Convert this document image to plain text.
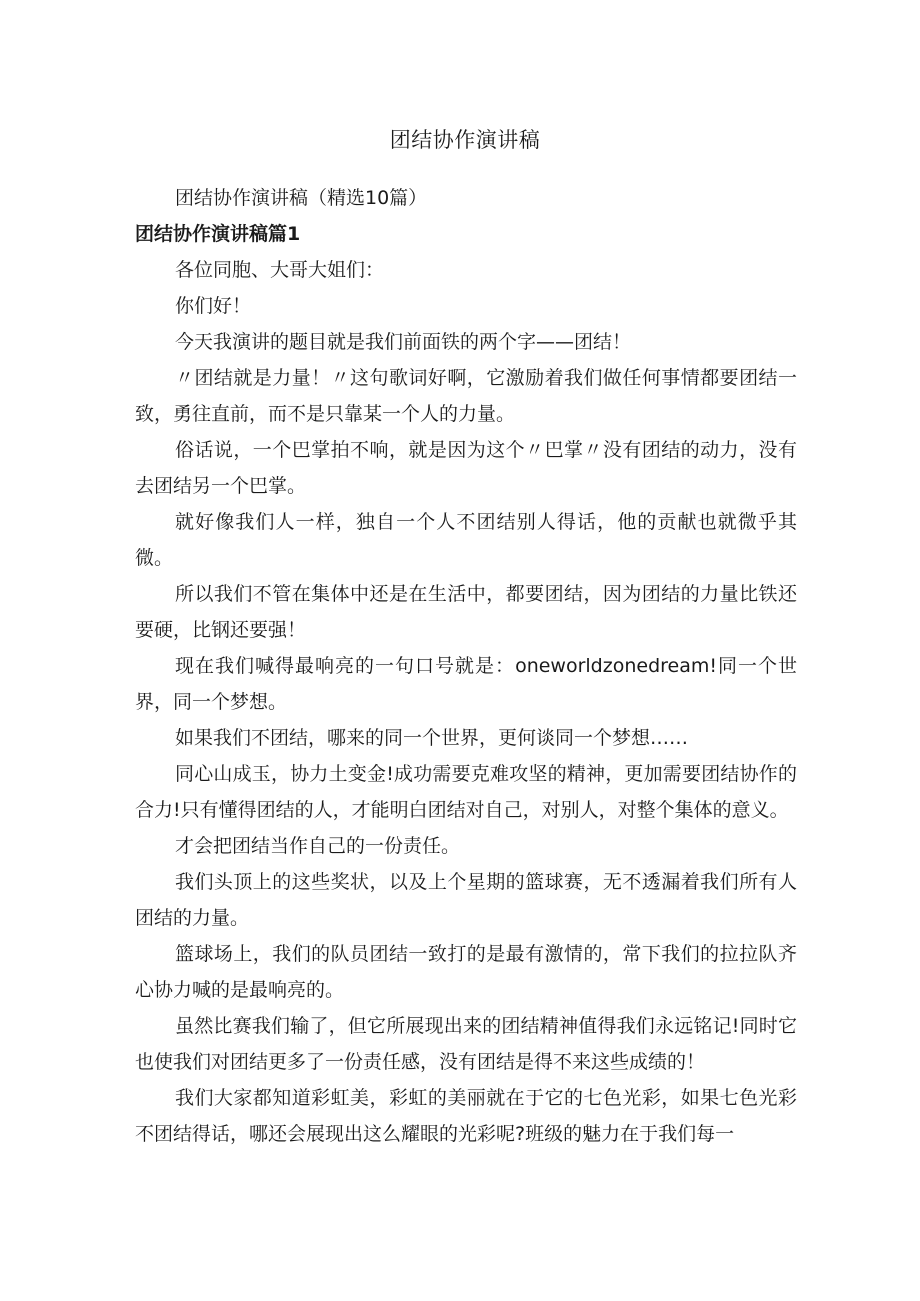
团结协作演讲稿

团结协作演讲稿（精选10篇）

团结协作演讲稿篇1

各位同胞、大哥大姐们：

你们好！

今天我演讲的题目就是我们前面铁的两个字——团结！

〃团结就是力量！〃这句歌词好啊，它激励着我们做任何事情都要团结一致，勇往直前，而不是只靠某一个人的力量。

俗话说，一个巴掌拍不响，就是因为这个〃巴掌〃没有团结的动力，没有去团结另一个巴掌。

就好像我们人一样，独自一个人不团结别人得话，他的贡献也就微乎其微。

所以我们不管在集体中还是在生活中，都要团结，因为团结的力量比铁还要硬，比钢还要强！

现在我们喊得最响亮的一句口号就是：oneworldzonedream!同一个世界，同一个梦想。

如果我们不团结，哪来的同一个世界，更何谈同一个梦想……

同心山成玉，协力土变金!成功需要克难攻坚的精神，更加需要团结协作的合力!只有懂得团结的人，才能明白团结对自己，对别人，对整个集体的意义。

才会把团结当作自己的一份责任。

我们头顶上的这些奖状，以及上个星期的篮球赛，无不透漏着我们所有人团结的力量。

篮球场上，我们的队员团结一致打的是最有激情的，常下我们的拉拉队齐心协力喊的是最响亮的。

虽然比赛我们输了，但它所展现出来的团结精神值得我们永远铭记!同时它也使我们对团结更多了一份责任感，没有团结是得不来这些成绩的！

我们大家都知道彩虹美，彩虹的美丽就在于它的七色光彩，如果七色光彩不团结得话，哪还会展现出这么耀眼的光彩呢?班级的魅力在于我们每一
